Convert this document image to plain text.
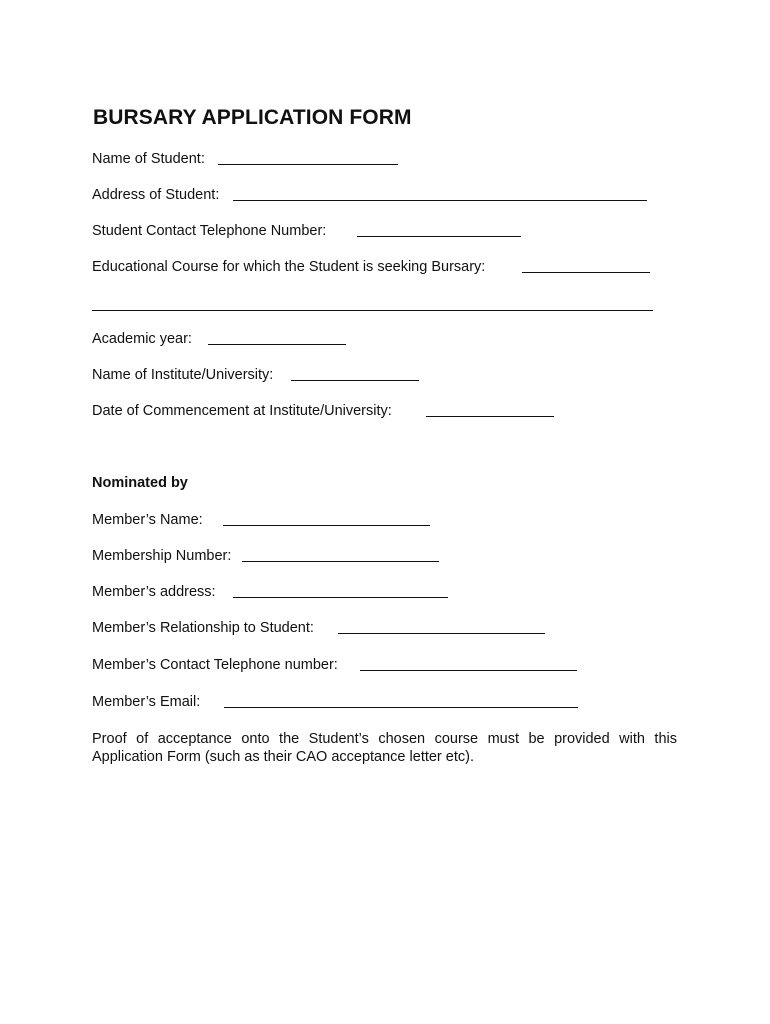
BURSARY APPLICATION FORM
Name of Student:
Address of Student:
Student Contact Telephone Number:
Educational Course for which the Student is seeking Bursary:
Academic year:
Name of Institute/University:
Date of Commencement at Institute/University:
Nominated by
Member’s Name:
Membership Number:
Member’s address:
Member’s Relationship to Student:
Member’s Contact Telephone number:
Member’s Email:
Proof of acceptance onto the Student’s chosen course must be provided with this Application Form (such as their CAO acceptance letter etc).
